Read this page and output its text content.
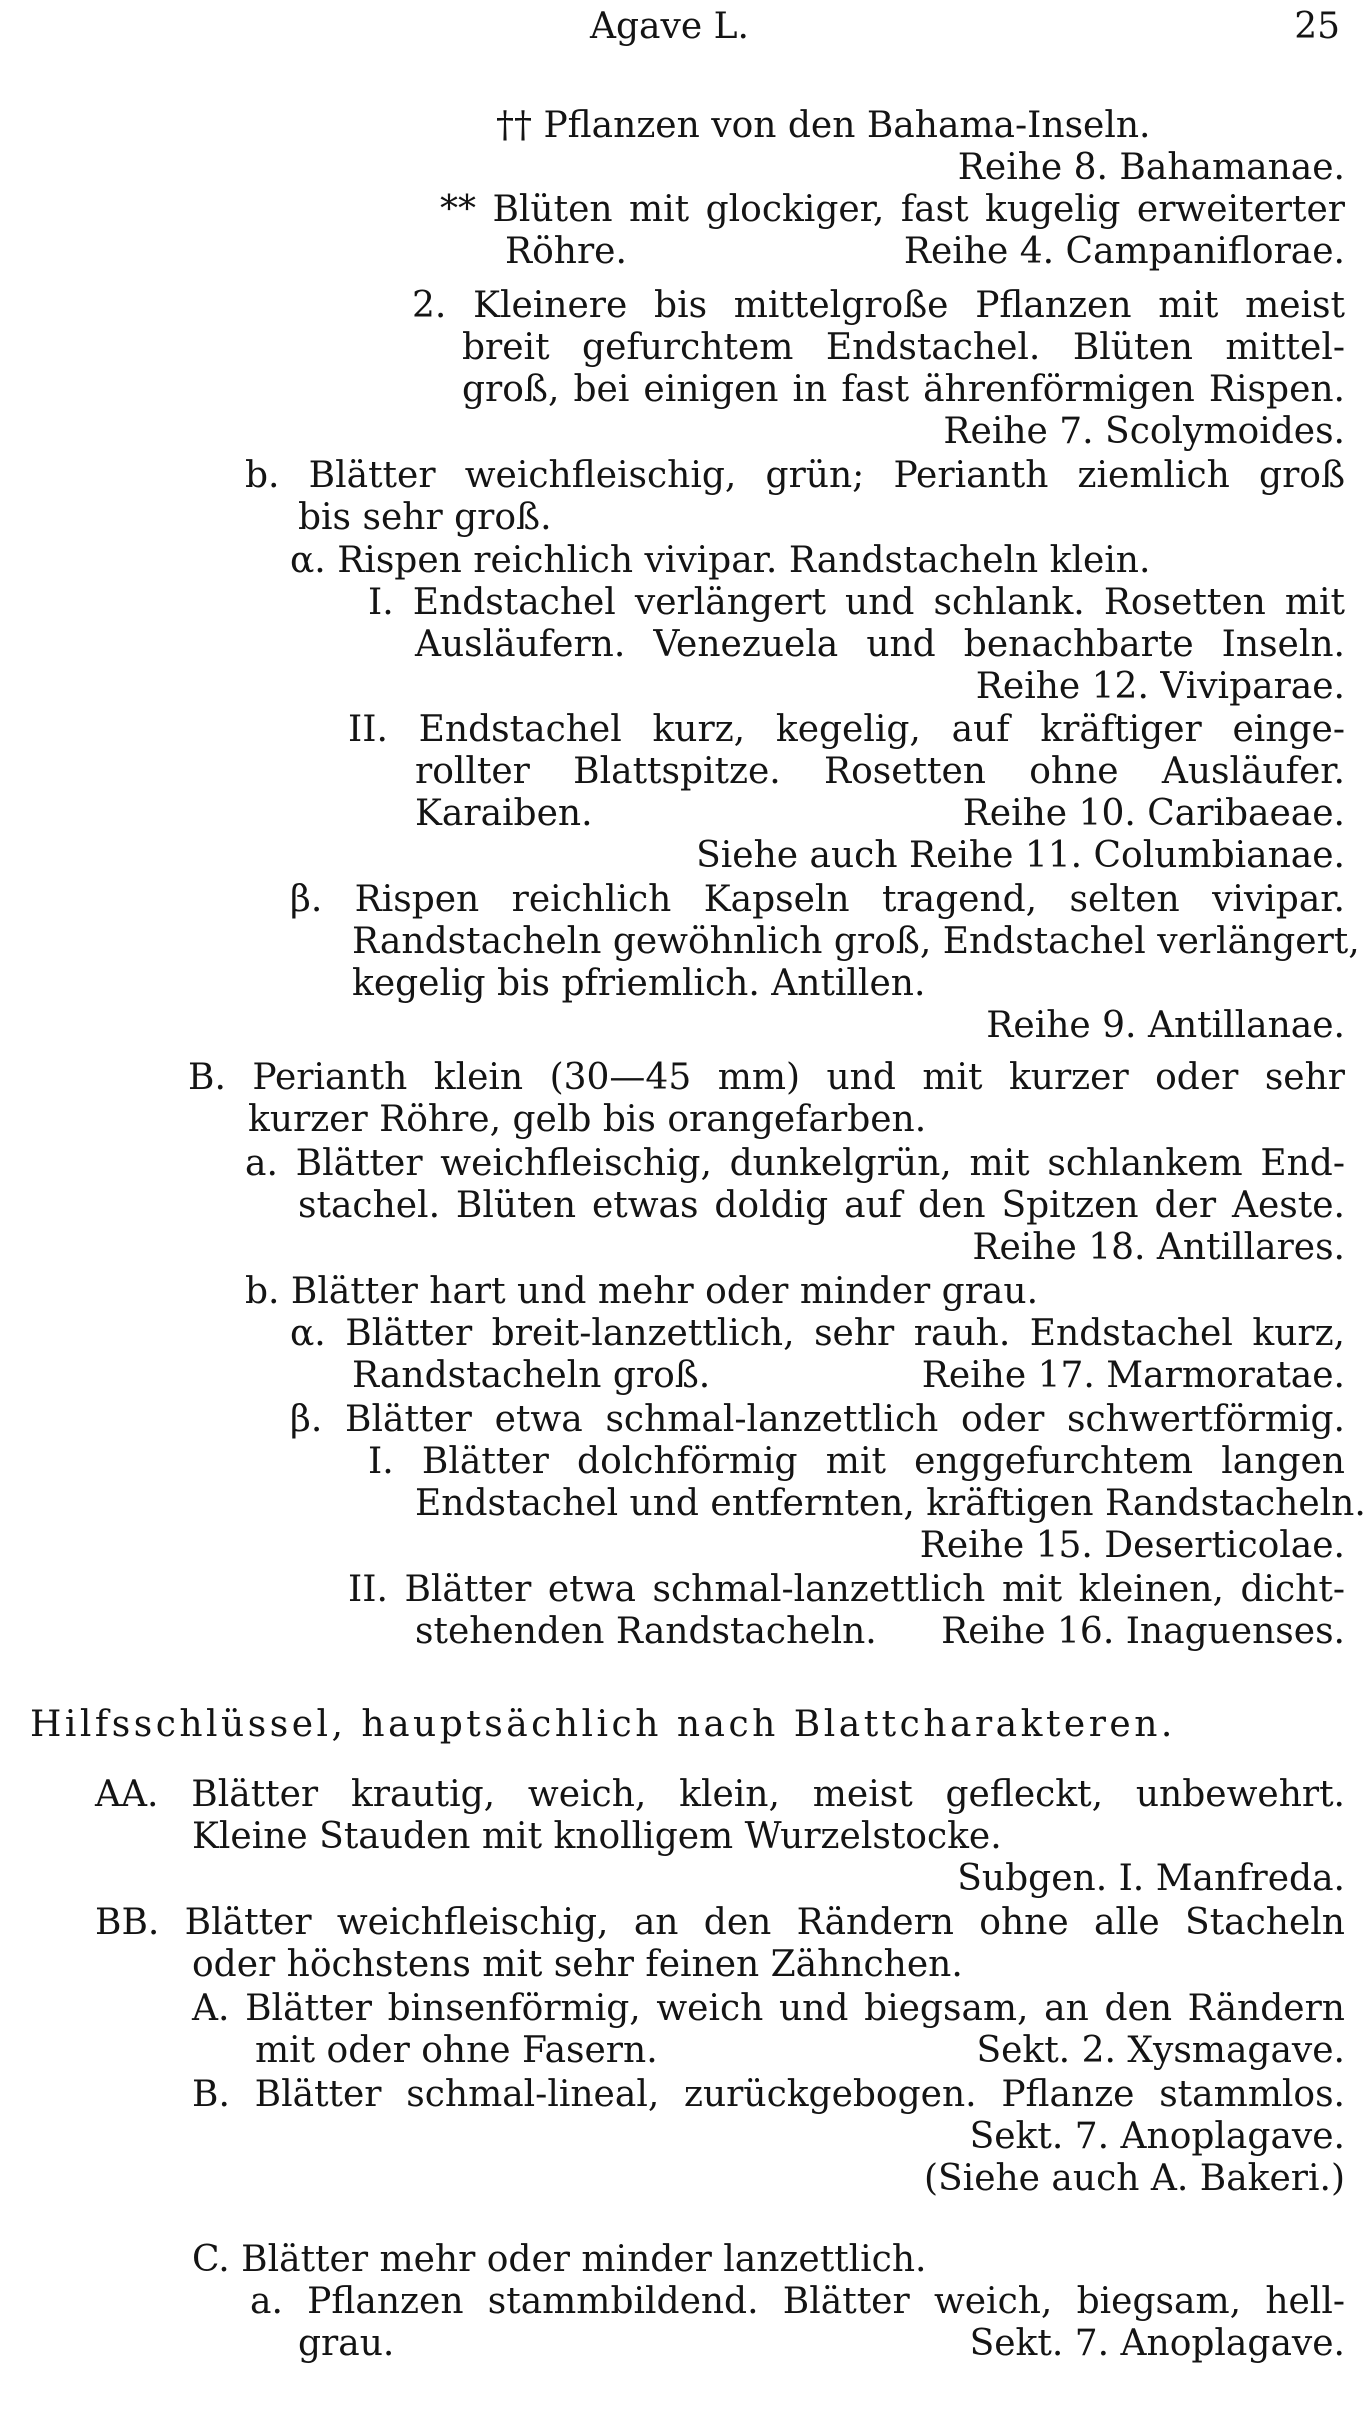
Agave L.	25
†† Pflanzen von den Bahama-Inseln.
Reihe 8. Bahamanae.
** Blüten mit glockiger, fast kugelig erweiterter
Röhre.	Reihe 4. Campaniflorae.
2. Kleinere bis mittelgroße Pflanzen mit meist
breit gefurchtem Endstachel. Blüten mittel-
groß, bei einigen in fast ährenförmigen Rispen.
Reihe 7. Scolymoides.
b. Blätter weichfleischig, grün; Perianth ziemlich groß
bis sehr groß.
α. Rispen reichlich vivipar. Randstacheln klein.
I. Endstachel verlängert und schlank. Rosetten mit
Ausläufern. Venezuela und benachbarte Inseln.
Reihe 12. Viviparae.
II. Endstachel kurz, kegelig, auf kräftiger einge-
rollter Blattspitze. Rosetten ohne Ausläufer.
Karaiben.	Reihe 10. Caribaeae.
Siehe auch Reihe 11. Columbianae.
β. Rispen reichlich Kapseln tragend, selten vivipar.
Randstacheln gewöhnlich groß, Endstachel verlängert,
kegelig bis pfriemlich. Antillen.
Reihe 9. Antillanae.
B. Perianth klein (30—45 mm) und mit kurzer oder sehr
kurzer Röhre, gelb bis orangefarben.
a. Blätter weichfleischig, dunkelgrün, mit schlankem End-
stachel. Blüten etwas doldig auf den Spitzen der Aeste.
Reihe 18. Antillares.
b. Blätter hart und mehr oder minder grau.
α. Blätter breit-lanzettlich, sehr rauh. Endstachel kurz,
Randstacheln groß.	Reihe 17. Marmoratae.
β. Blätter etwa schmal-lanzettlich oder schwertförmig.
I. Blätter dolchförmig mit enggefurchtem langen
Endstachel und entfernten, kräftigen Randstacheln.
Reihe 15. Deserticolae.
II. Blätter etwa schmal-lanzettlich mit kleinen, dicht-
stehenden Randstacheln. Reihe 16. Inaguenses.
Hilfsschlüssel, hauptsächlich nach Blattcharakteren.
AA. Blätter krautig, weich, klein, meist gefleckt, unbewehrt.
Kleine Stauden mit knolligem Wurzelstocke.
Subgen. I. Manfreda.
BB. Blätter weichfleischig, an den Rändern ohne alle Stacheln
oder höchstens mit sehr feinen Zähnchen.
A. Blätter binsenförmig, weich und biegsam, an den Rändern
mit oder ohne Fasern.	Sekt. 2. Xysmagave.
B. Blätter schmal-lineal, zurückgebogen. Pflanze stammlos.
Sekt. 7. Anoplagave.
(Siehe auch A. Bakeri.)
C. Blätter mehr oder minder lanzettlich.
a. Pflanzen stammbildend. Blätter weich, biegsam, hell-
grau.	Sekt. 7. Anoplagave.
